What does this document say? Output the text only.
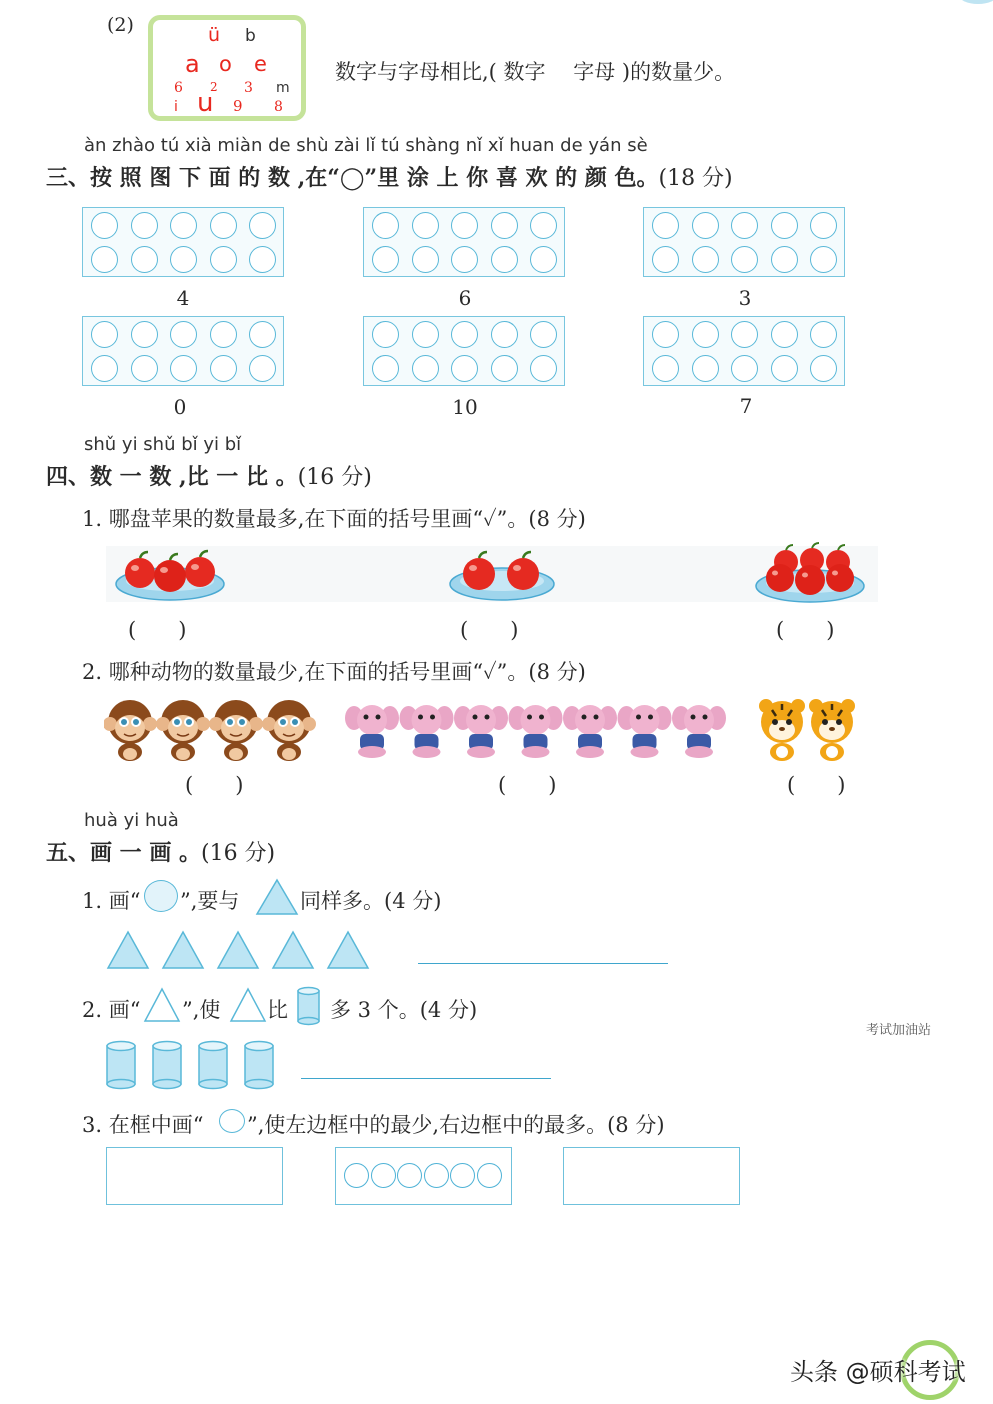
(2)	ü b
a o e
6 2 3 m
i u 9 8
数字与字母相比,( 数字　 字母 )的数量少。
àn zhào tú xià miàn de shù zài lǐ tú shàng nǐ xǐ huan de yán sè
三、按 照 图 下 面 的 数 ,在“◯”里 涂 上 你 喜 欢 的 颜 色。(18 分)
4	6	3
0	10	7
shǔ yi shǔ bǐ yi bǐ
四、数 一 数 ,比 一 比 。(16 分)
1. 哪盘苹果的数量最多,在下面的括号里画“✓”。(8 分)
(　　)	(　　)	(　　)
2. 哪种动物的数量最少,在下面的括号里画“✓”。(8 分)
(　　)	(　　)	(　　)
huà yi huà
五、画 一 画 。(16 分)
1. 画“ ”,要与	同样多。(4 分)
2. 画“ ”,使 比 多 3 个。(4 分)
考试加油站
3. 在框中画“ ”,使左边框中的最少,右边框中的最多。(8 分)
头条 @硕科考试
